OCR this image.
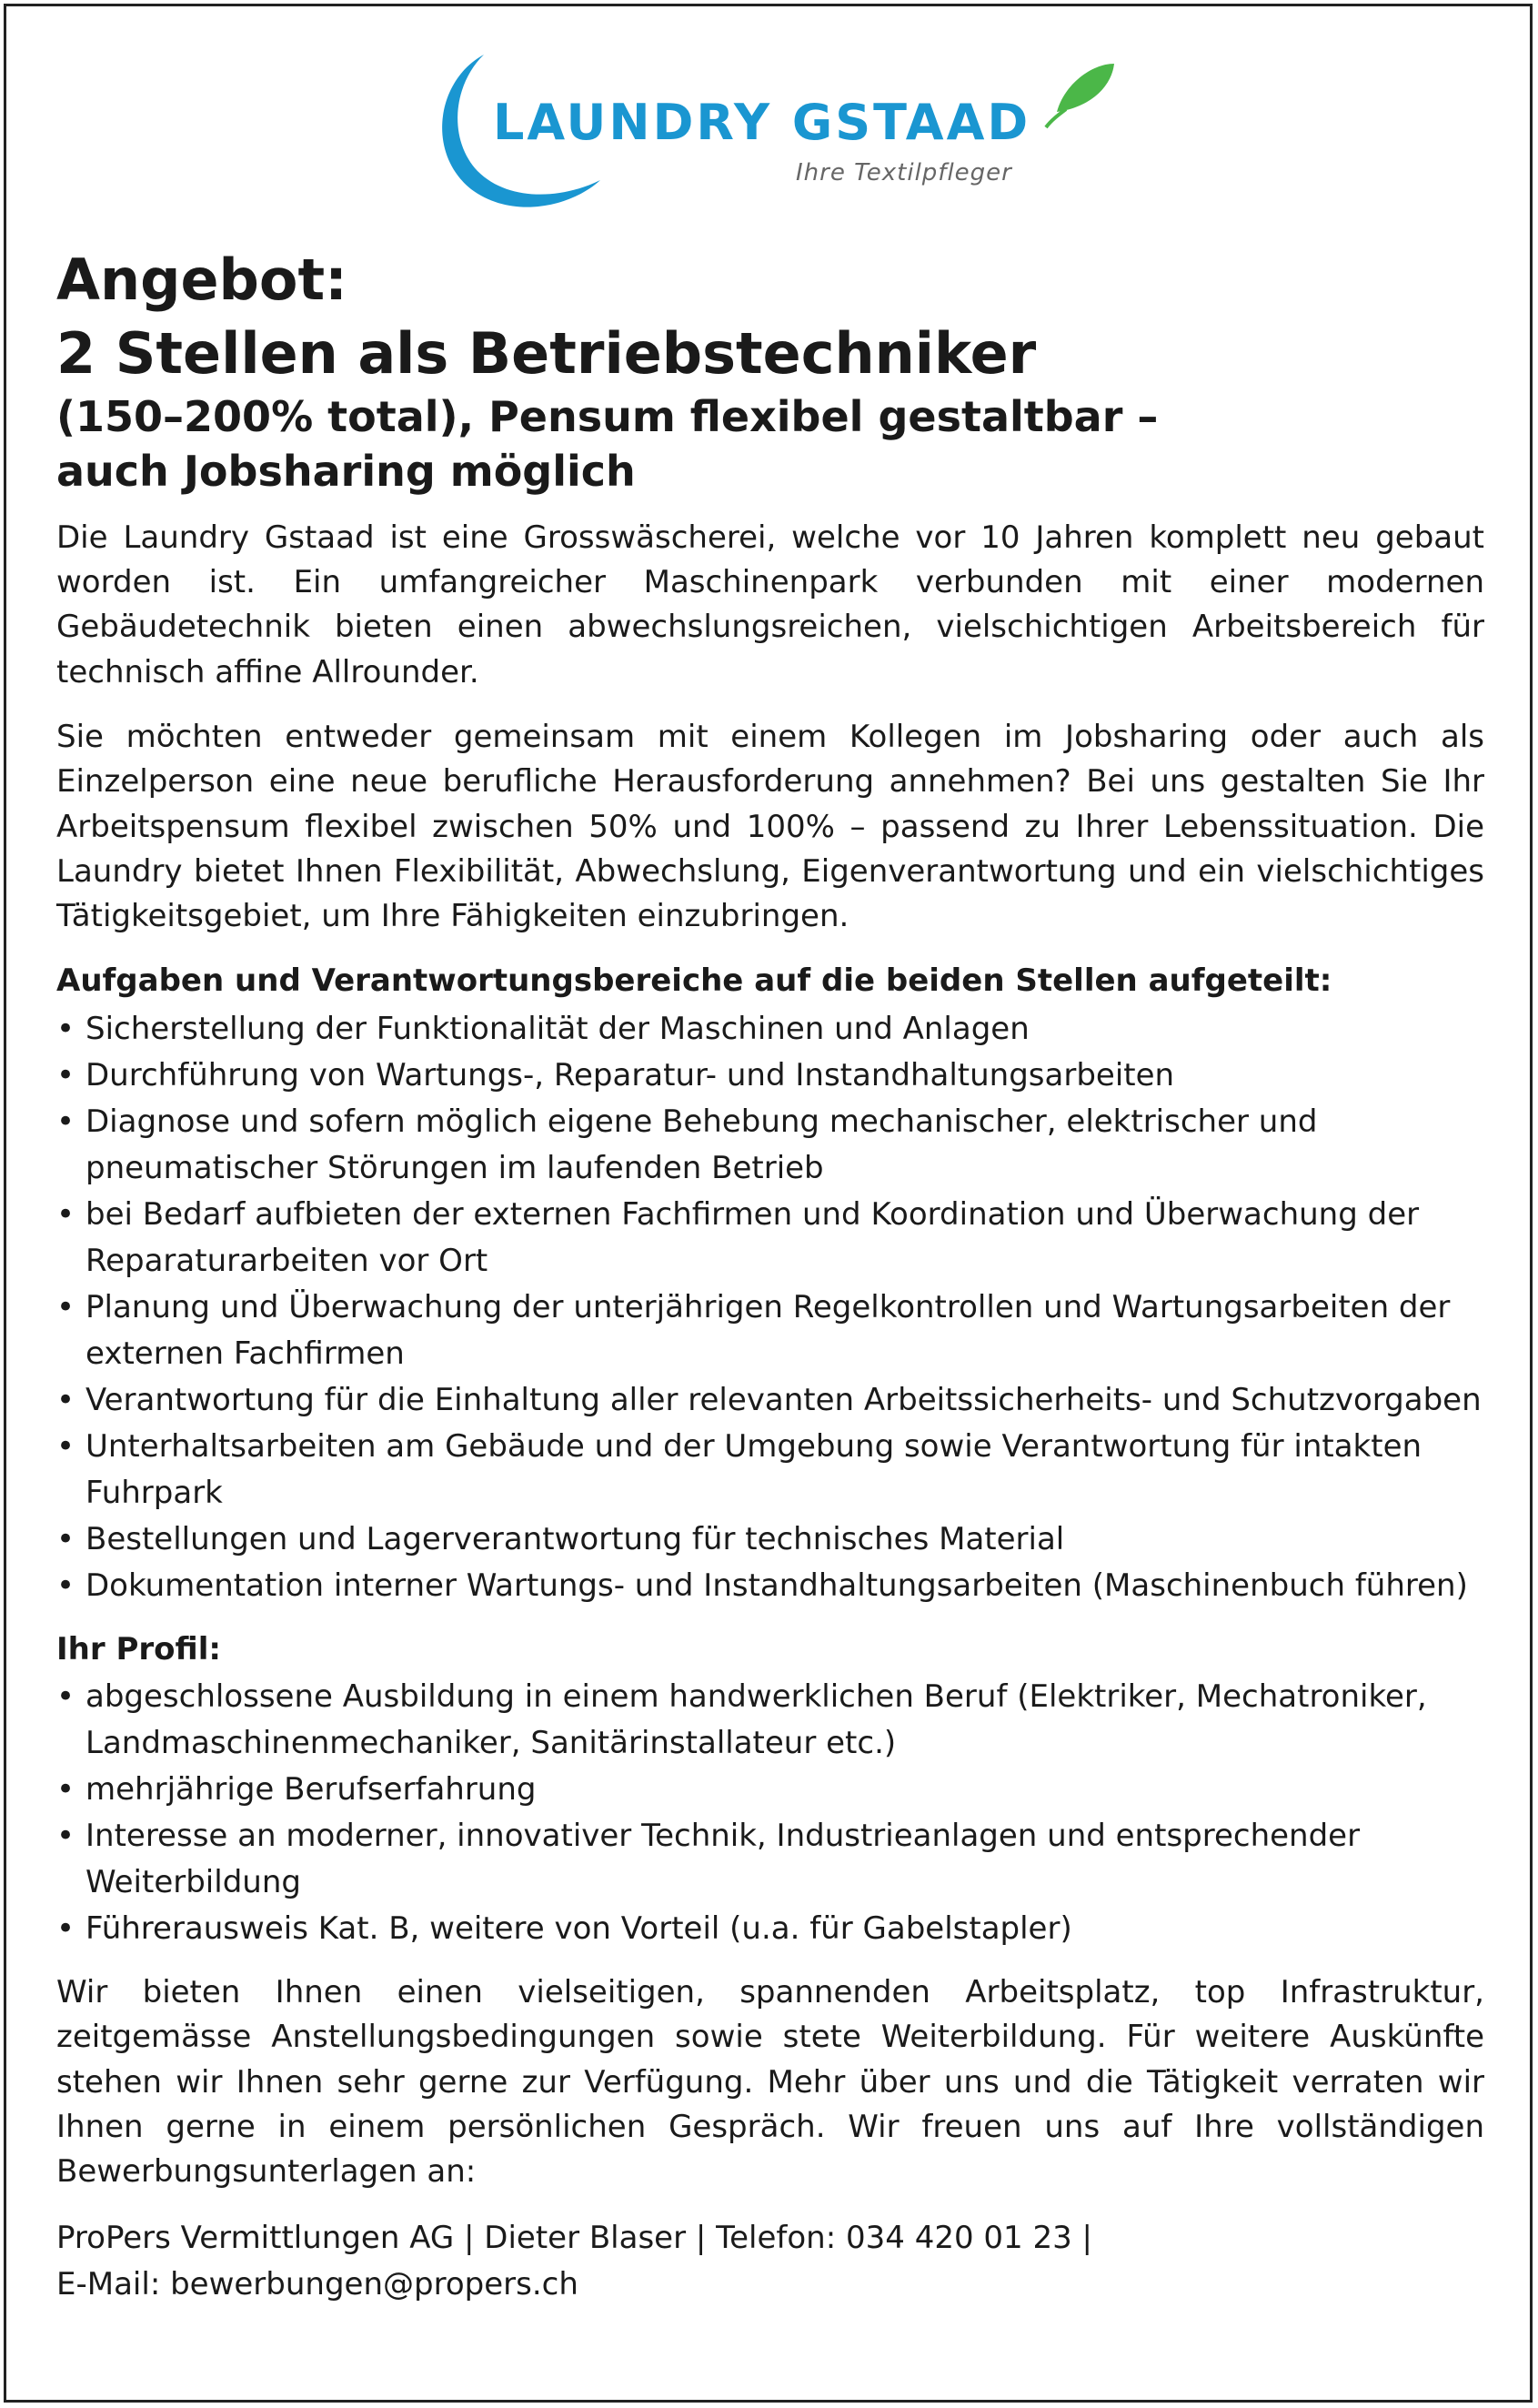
LAUNDRY GSTAAD
Ihre Textilpfleger
Angebot:
2 Stellen als Betriebstechniker
(150–200% total), Pensum flexibel gestaltbar –
auch Jobsharing möglich

Die Laundry Gstaad ist eine Grosswäscherei, welche vor 10 Jahren komplett neu gebaut worden ist. Ein umfangreicher Maschinenpark verbunden mit einer modernen Gebäudetechnik bieten einen abwechslungsreichen, vielschichtigen Arbeitsbereich für technisch affine Allrounder.

Sie möchten entweder gemeinsam mit einem Kollegen im Jobsharing oder auch als Einzelperson eine neue berufliche Herausforderung annehmen? Bei uns gestalten Sie Ihr Arbeitspensum flexibel zwischen 50% und 100% – passend zu Ihrer Lebenssituation. Die Laundry bietet Ihnen Flexibilität, Abwechslung, Eigenverantwortung und ein vielschichtiges Tätigkeitsgebiet, um Ihre Fähigkeiten einzubringen.

Aufgaben und Verantwortungsbereiche auf die beiden Stellen aufgeteilt:
• Sicherstellung der Funktionalität der Maschinen und Anlagen
• Durchführung von Wartungs-, Reparatur- und Instandhaltungsarbeiten
• Diagnose und sofern möglich eigene Behebung mechanischer, elektrischer und pneumatischer Störungen im laufenden Betrieb
• bei Bedarf aufbieten der externen Fachfirmen und Koordination und Überwachung der Reparaturarbeiten vor Ort
• Planung und Überwachung der unterjährigen Regelkontrollen und Wartungsarbeiten der externen Fachfirmen
• Verantwortung für die Einhaltung aller relevanten Arbeitssicherheits- und Schutzvorgaben
• Unterhaltsarbeiten am Gebäude und der Umgebung sowie Verantwortung für intakten Fuhrpark
• Bestellungen und Lagerverantwortung für technisches Material
• Dokumentation interner Wartungs- und Instandhaltungsarbeiten (Maschinenbuch führen)
Ihr Profil:
• abgeschlossene Ausbildung in einem handwerklichen Beruf (Elektriker, Mechatroniker, Landmaschinenmechaniker, Sanitärinstallateur etc.)
• mehrjährige Berufserfahrung
• Interesse an moderner, innovativer Technik, Industrieanlagen und entsprechender Weiterbildung
• Führerausweis Kat. B, weitere von Vorteil (u.a. für Gabelstapler)

Wir bieten Ihnen einen vielseitigen, spannenden Arbeitsplatz, top Infrastruktur, zeitgemässe Anstellungsbedingungen sowie stete Weiterbildung. Für weitere Auskünfte stehen wir Ihnen sehr gerne zur Verfügung. Mehr über uns und die Tätigkeit verraten wir Ihnen gerne in einem persönlichen Gespräch. Wir freuen uns auf Ihre vollständigen Bewerbungsunterlagen an:

ProPers Vermittlungen AG | Dieter Blaser | Telefon: 034 420 01 23 |
E-Mail: bewerbungen@propers.ch
